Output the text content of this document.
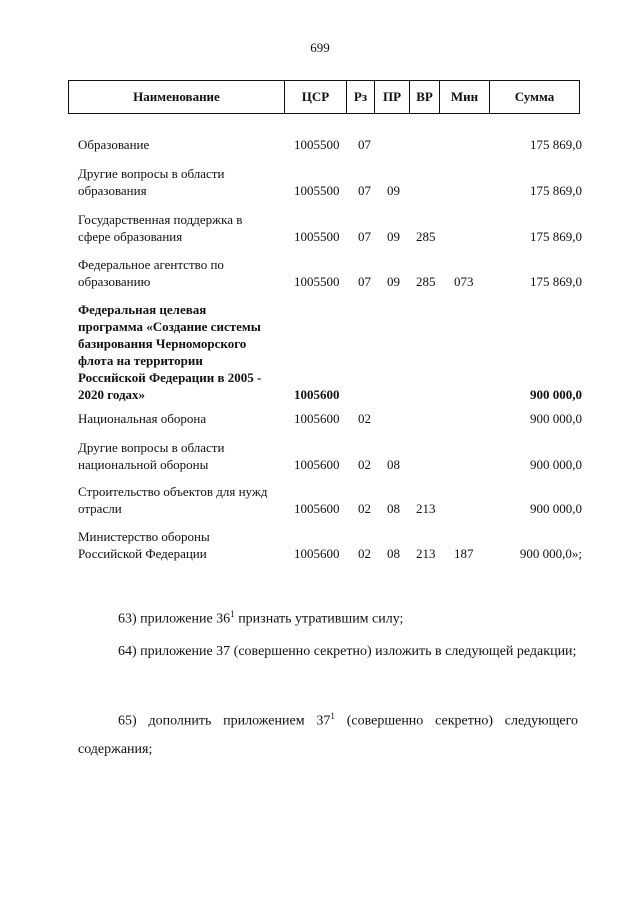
699
Наименование	ЦСР	Рз	ПР	ВР	Мин	Сумма
Образование	1005500 07	175 869,0
Другие вопросы в области
образования	1005500 07 09	175 869,0
Государственная поддержка в
сфере образования	1005500 07 09 285	175 869,0
Федеральное агентство по
образованию	1005500 07 09 285 073	175 869,0
Федеральная целевая
программа «Создание системы
базирования Черноморского
флота на территории
Российской Федерации в 2005 -
2020 годах»	1005600	900 000,0
Национальная оборона	1005600 02	900 000,0
Другие вопросы в области
национальной обороны	1005600 02 08	900 000,0
Строительство объектов для нужд
отрасли	1005600 02 08 213	900 000,0
Министерство обороны
Российской Федерации	1005600 02 08 213 187	900 000,0»;
63) приложение $36^1$ признать утратившим силу;
64) приложение 37 (совершенно секретно) изложить в следующей редакции;
65) дополнить приложением $37^1$ (совершенно секретно) следующего содержания;
